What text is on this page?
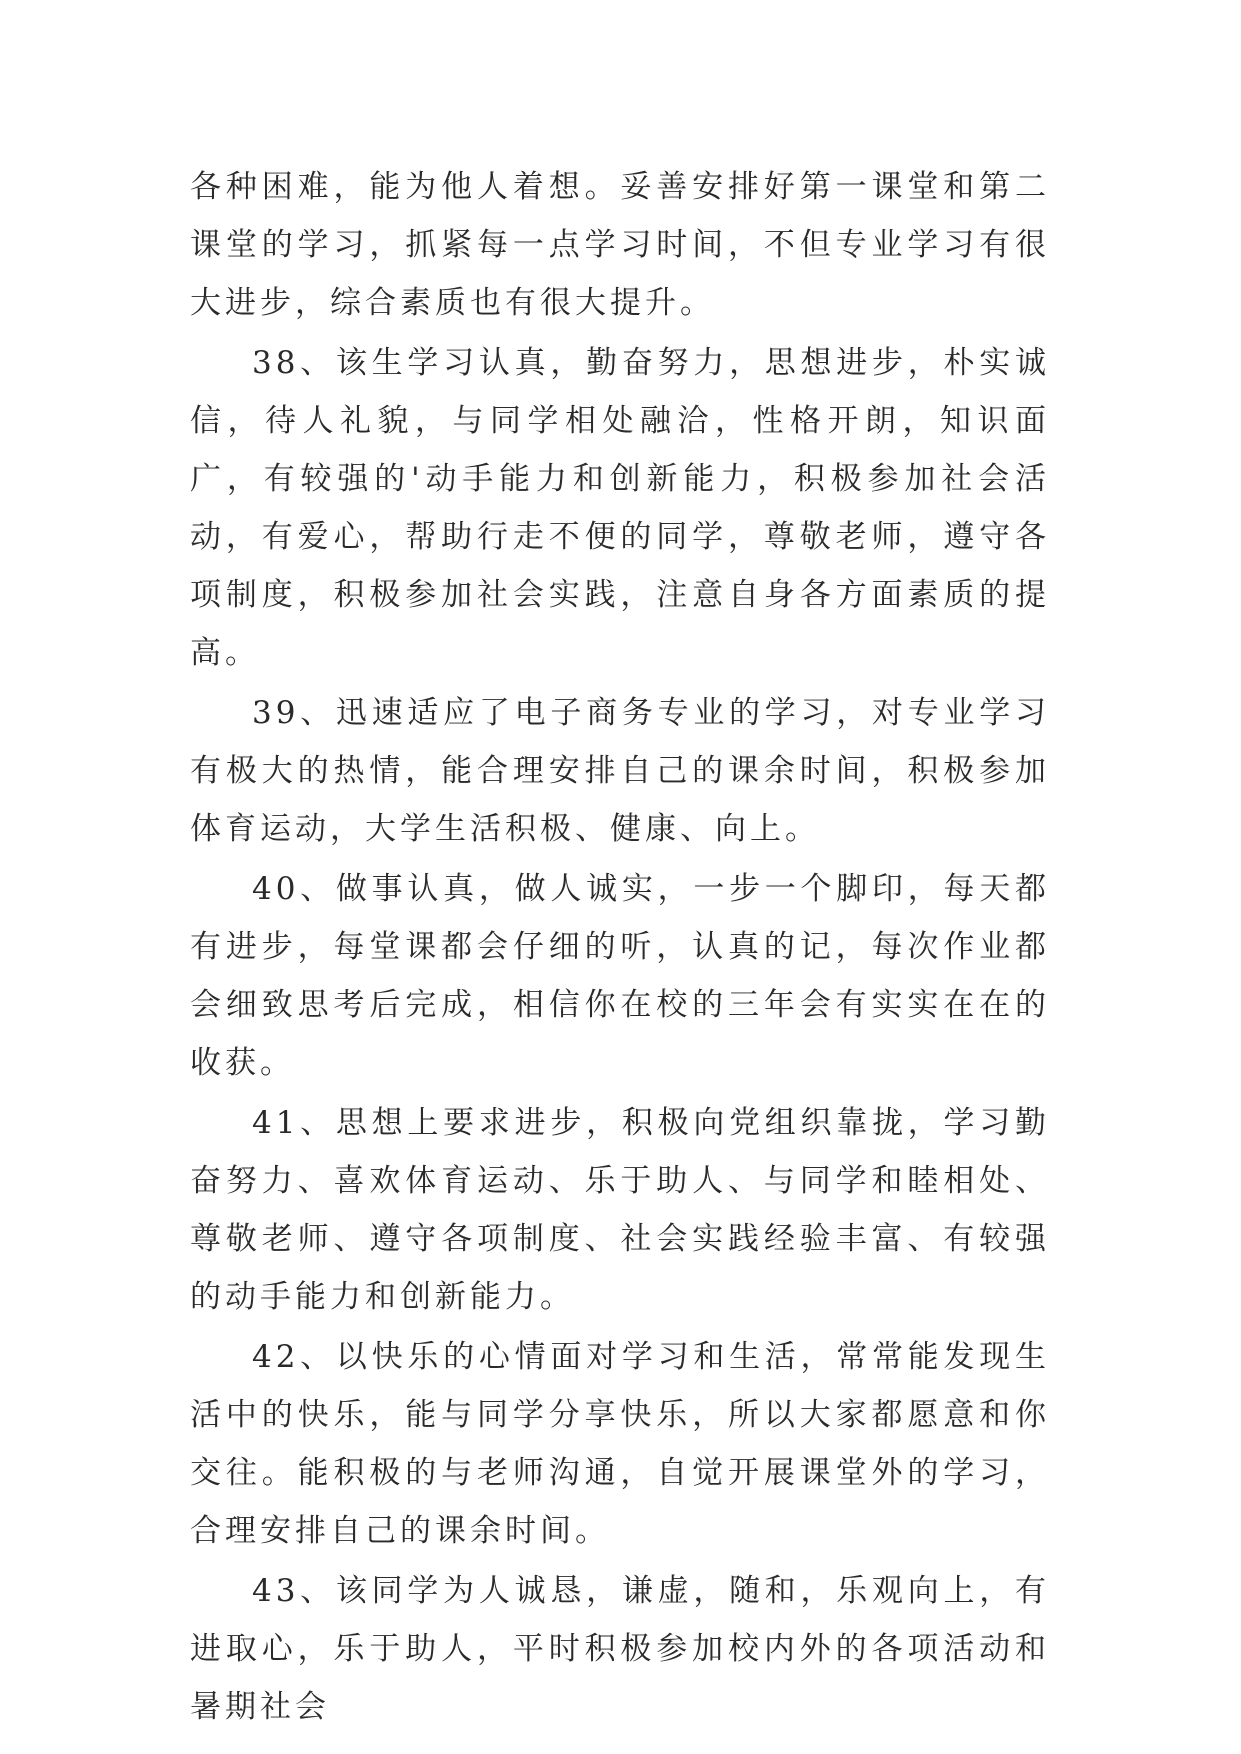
各种困难，能为他人着想。妥善安排好第一课堂和第二课堂的学习，抓紧每一点学习时间，不但专业学习有很大进步，综合素质也有很大提升。

38、该生学习认真，勤奋努力，思想进步，朴实诚信，待人礼貌，与同学相处融洽，性格开朗，知识面广，有较强的'动手能力和创新能力，积极参加社会活动，有爱心，帮助行走不便的同学，尊敬老师，遵守各项制度，积极参加社会实践，注意自身各方面素质的提高。

39、迅速适应了电子商务专业的学习，对专业学习有极大的热情，能合理安排自己的课余时间，积极参加体育运动，大学生活积极、健康、向上。

40、做事认真，做人诚实，一步一个脚印，每天都有进步，每堂课都会仔细的听，认真的记，每次作业都会细致思考后完成，相信你在校的三年会有实实在在的收获。

41、思想上要求进步，积极向党组织靠拢，学习勤奋努力、喜欢体育运动、乐于助人、与同学和睦相处、尊敬老师、遵守各项制度、社会实践经验丰富、有较强的动手能力和创新能力。

42、以快乐的心情面对学习和生活，常常能发现生活中的快乐，能与同学分享快乐，所以大家都愿意和你交往。能积极的与老师沟通，自觉开展课堂外的学习，合理安排自己的课余时间。

43、该同学为人诚恳，谦虚，随和，乐观向上，有进取心，乐于助人，平时积极参加校内外的各项活动和暑期社会
